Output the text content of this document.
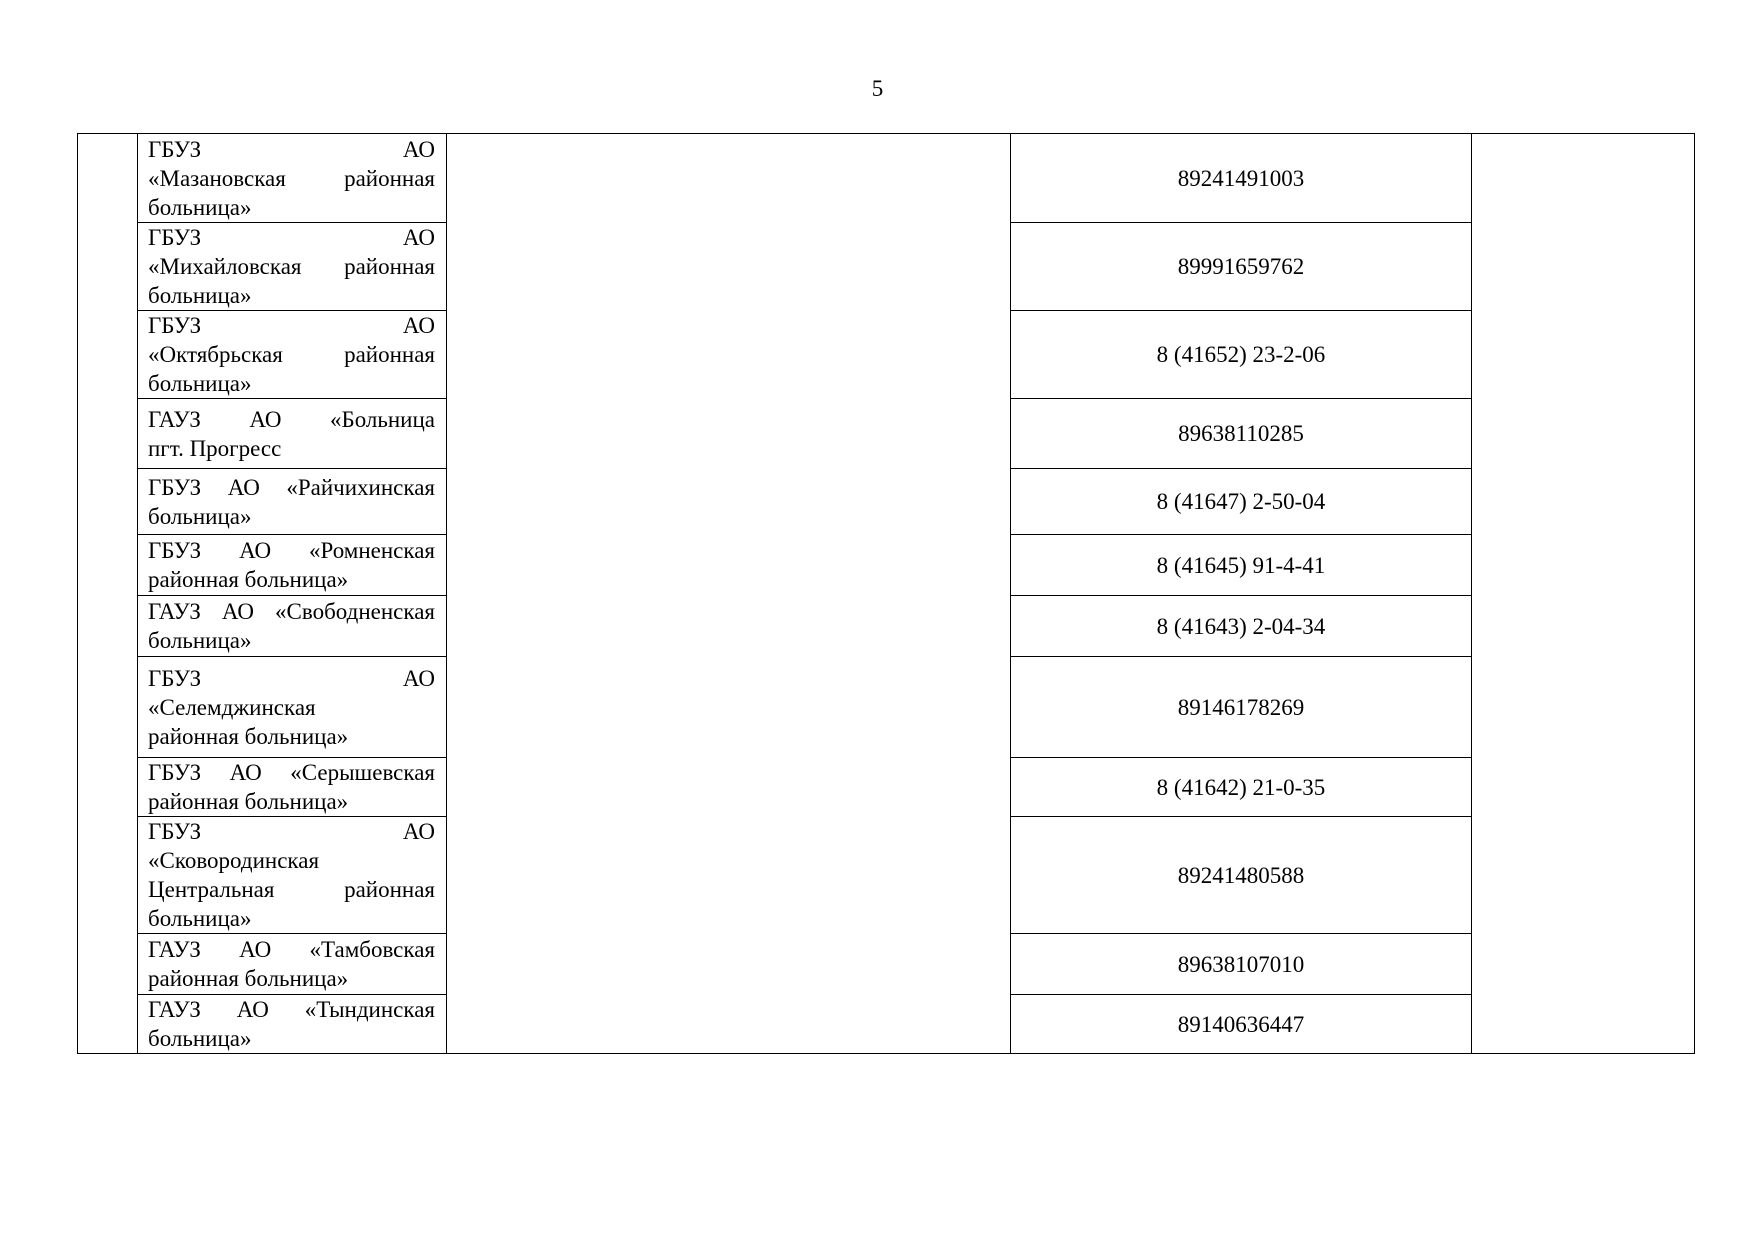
5

	ГБУЗ АО
«Мазановская районная
больница»		89241491003	

	ГБУЗ АО
«Михайловская районная
больница»		89991659762	

	ГБУЗ АО
«Октябрьская районная
больница»		8 (41652) 23-2-06	

	ГАУЗ АО «Больница
пгт. Прогресс		89638110285	

	ГБУЗ АО «Райчихинская
больница»		8 (41647) 2-50-04	

	ГБУЗ АО «Ромненская
районная больница»		8 (41645) 91-4-41	

	ГАУЗ АО «Свободненская
больница»		8 (41643) 2-04-34	

	ГБУЗ АО
«Селемджинская
районная больница»		89146178269	

	ГБУЗ АО «Серышевская
районная больница»		8 (41642) 21-0-35	

	ГБУЗ АО
«Сковородинская
Центральная районная
больница»		89241480588	

	ГАУЗ АО «Тамбовская
районная больница»		89638107010	

	ГАУЗ АО «Тындинская
больница»		89140636447	
